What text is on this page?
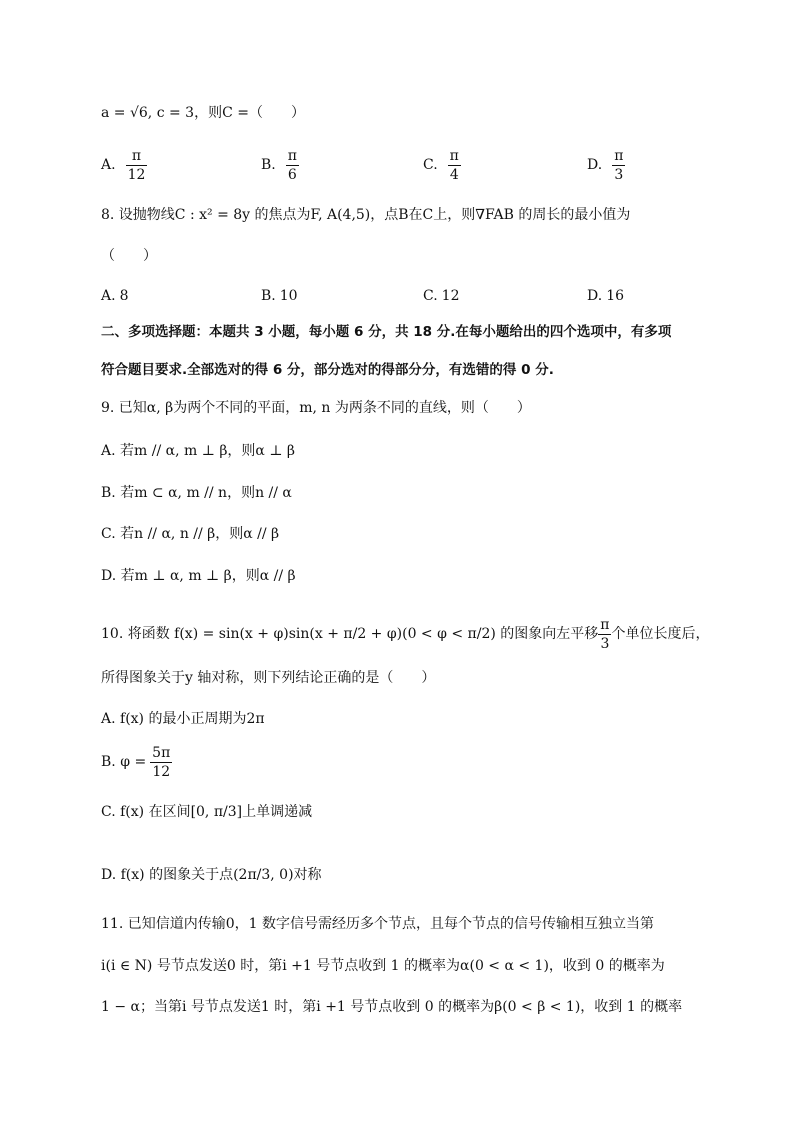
a = √6, c = 3，则C =（　　）
A. $\frac{\pi}{12}$	B. $\frac{\pi}{6}$	C. $\frac{\pi}{4}$	D. $\frac{\pi}{3}$
8. 设抛物线C : x² = 8y 的焦点为F, A(4,5)，点B在C上，则∇FAB 的周长的最小值为
（　　）
A. 8	B. 10	C. 12	D. 16
二、多项选择题：本题共 3 小题，每小题 6 分，共 18 分.在每小题给出的四个选项中，有多项
符合题目要求.全部选对的得 6 分，部分选对的得部分分，有选错的得 0 分.
9. 已知α, β为两个不同的平面，m, n 为两条不同的直线，则（　　）
A. 若m // α, m ⊥ β，则α ⊥ β
B. 若m ⊂ α, m // n，则n // α
C. 若n // α, n // β，则α // β
D. 若m ⊥ α, m ⊥ β，则α // β
10. 将函数 f(x) = sin(x + φ)sin(x + π/2 + φ)(0 < φ < π/2) 的图象向左平移 $\frac{\pi}{3}$ 个单位长度后，
所得图象关于y 轴对称，则下列结论正确的是（　　）
A. f(x) 的最小正周期为2π
B. $\varphi = \frac{5\pi}{12}$
C. f(x) 在区间[0, π/3]上单调递减
D. f(x) 的图象关于点(2π/3, 0)对称
11. 已知信道内传输0，1 数字信号需经历多个节点，且每个节点的信号传输相互独立当第
i(i ∈ N) 号节点发送0 时，第i +1 号节点收到 1 的概率为α(0 < α < 1)，收到 0 的概率为
1 − α；当第i 号节点发送1 时，第i +1 号节点收到 0 的概率为β(0 < β < 1)，收到 1 的概率
